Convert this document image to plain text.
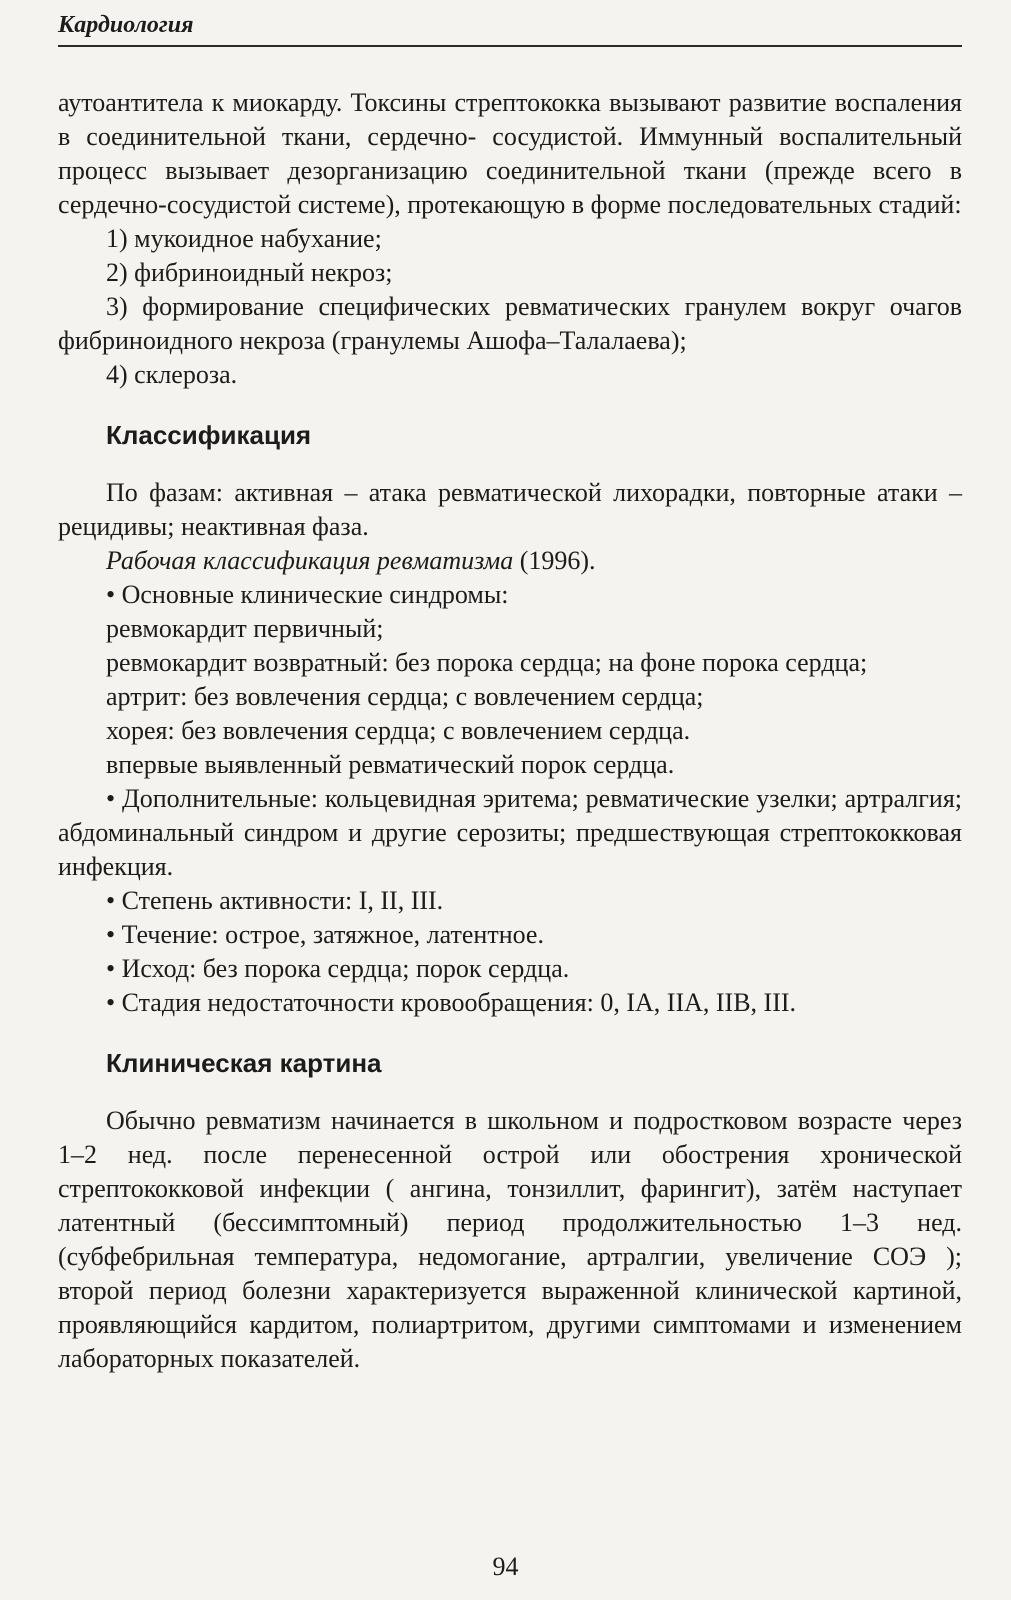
Кардиология

аутоантитела к миокарду. Токсины стрептококка вызывают развитие воспаления в соединительной ткани, сердечно- сосудистой. Иммунный воспалительный процесс вызывает дезорганизацию соединительной ткани (прежде всего в сердечно-сосудистой системе), протекающую в форме последовательных стадий:

1) мукоидное набухание;

2) фибриноидный некроз;

3) формирование специфических ревматических гранулем вокруг очагов фибриноидного некроза (гранулемы Ашофа–Талалаева);

4) склероза.

Классификация

По фазам: активная – атака ревматической лихорадки, повторные атаки – рецидивы; неактивная фаза.

Рабочая классификация ревматизма (1996).

• Основные клинические синдромы:

ревмокардит первичный;

ревмокардит возвратный: без порока сердца; на фоне порока сердца;

артрит: без вовлечения сердца; с вовлечением сердца;

хорея: без вовлечения сердца; с вовлечением сердца.

впервые выявленный ревматический порок сердца.

• Дополнительные: кольцевидная эритема; ревматические узелки; артралгия; абдоминальный синдром и другие серозиты; предшествующая стрептококковая инфекция.

• Степень активности: I, II, III.

• Течение: острое, затяжное, латентное.

• Исход: без порока сердца; порок сердца.

• Стадия недостаточности кровообращения: 0, IA, IIA, IIB, III.

Клиническая картина

Обычно ревматизм начинается в школьном и подростковом возрасте через 1–2 нед. после перенесенной острой или обострения хронической стрептококковой инфекции ( ангина, тонзиллит, фарингит), затём наступает латентный (бессимптомный) период продолжительностью 1–3 нед. (субфебрильная температура, недомогание, артралгии, увеличение СОЭ ); второй период болезни характеризуется выраженной клинической картиной, проявляющийся кардитом, полиартритом, другими симптомами и изменением лабораторных показателей.

94
